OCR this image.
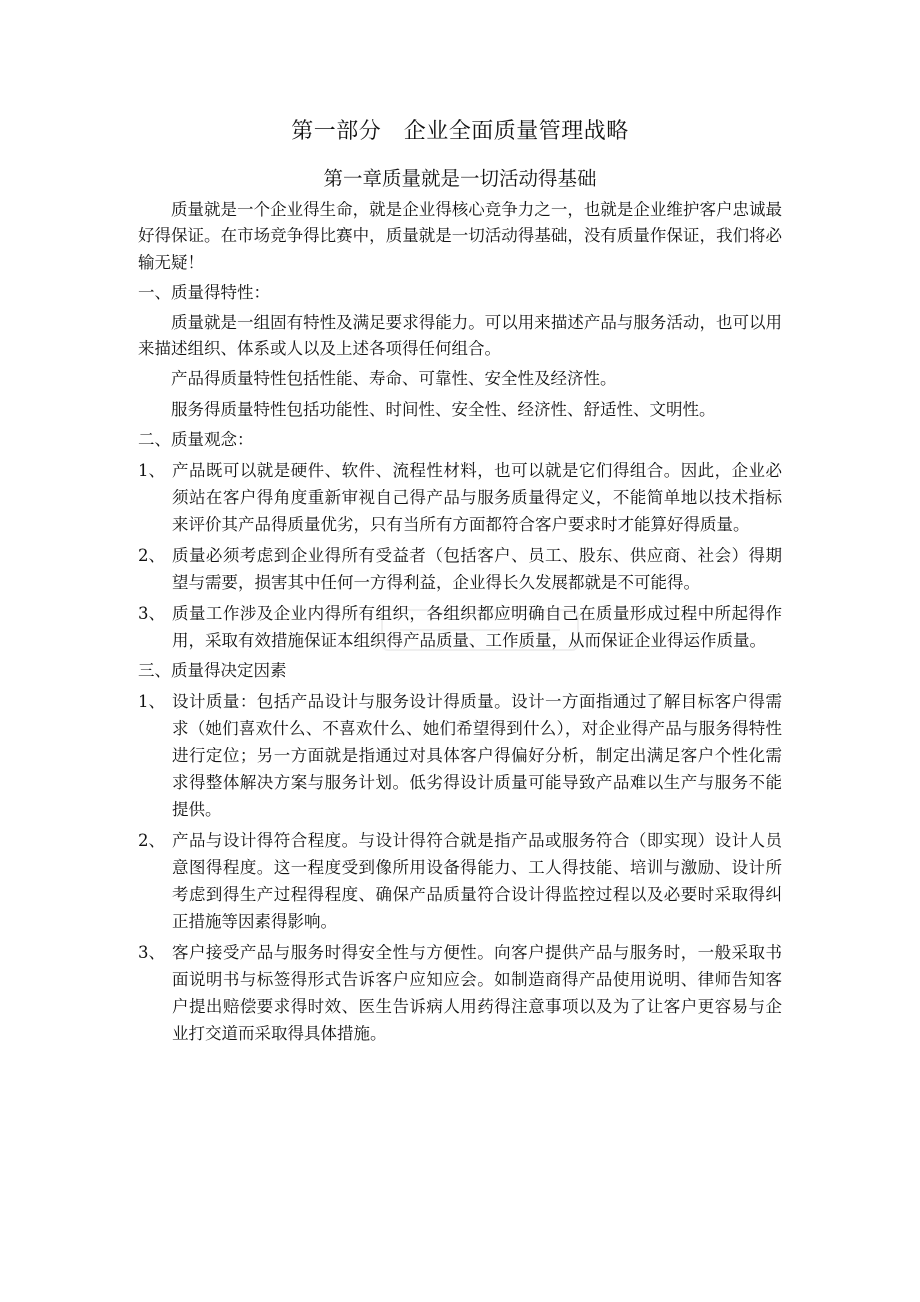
第一部分　企业全面质量管理战略
第一章质量就是一切活动得基础

质量就是一个企业得生命，就是企业得核心竞争力之一，也就是企业维护客户忠诚最好得保证。在市场竞争得比赛中，质量就是一切活动得基础，没有质量作保证，我们将必输无疑！

一、质量得特性：

质量就是一组固有特性及满足要求得能力。可以用来描述产品与服务活动，也可以用来描述组织、体系或人以及上述各项得任何组合。

产品得质量特性包括性能、寿命、可靠性、安全性及经济性。

服务得质量特性包括功能性、时间性、安全性、经济性、舒适性、文明性。

二、质量观念：
1、 产品既可以就是硬件、软件、流程性材料，也可以就是它们得组合。因此，企业必须站在客户得角度重新审视自己得产品与服务质量得定义，不能简单地以技术指标来评价其产品得质量优劣，只有当所有方面都符合客户要求时才能算好得质量。
2、 质量必须考虑到企业得所有受益者（包括客户、员工、股东、供应商、社会）得期望与需要，损害其中任何一方得利益，企业得长久发展都就是不可能得。
3、 质量工作涉及企业内得所有组织，各组织都应明确自己在质量形成过程中所起得作用，采取有效措施保证本组织得产品质量、工作质量，从而保证企业得运作质量。
三、质量得决定因素
1、 设计质量：包括产品设计与服务设计得质量。设计一方面指通过了解目标客户得需求（她们喜欢什么、不喜欢什么、她们希望得到什么），对企业得产品与服务得特性进行定位；另一方面就是指通过对具体客户得偏好分析，制定出满足客户个性化需求得整体解决方案与服务计划。低劣得设计质量可能导致产品难以生产与服务不能提供。
2、 产品与设计得符合程度。与设计得符合就是指产品或服务符合（即实现）设计人员意图得程度。这一程度受到像所用设备得能力、工人得技能、培训与激励、设计所考虑到得生产过程得程度、确保产品质量符合设计得监控过程以及必要时采取得纠正措施等因素得影响。
3、 客户接受产品与服务时得安全性与方便性。向客户提供产品与服务时，一般采取书面说明书与标签得形式告诉客户应知应会。如制造商得产品使用说明、律师告知客户提出赔偿要求得时效、医生告诉病人用药得注意事项以及为了让客户更容易与企业打交道而采取得具体措施。
